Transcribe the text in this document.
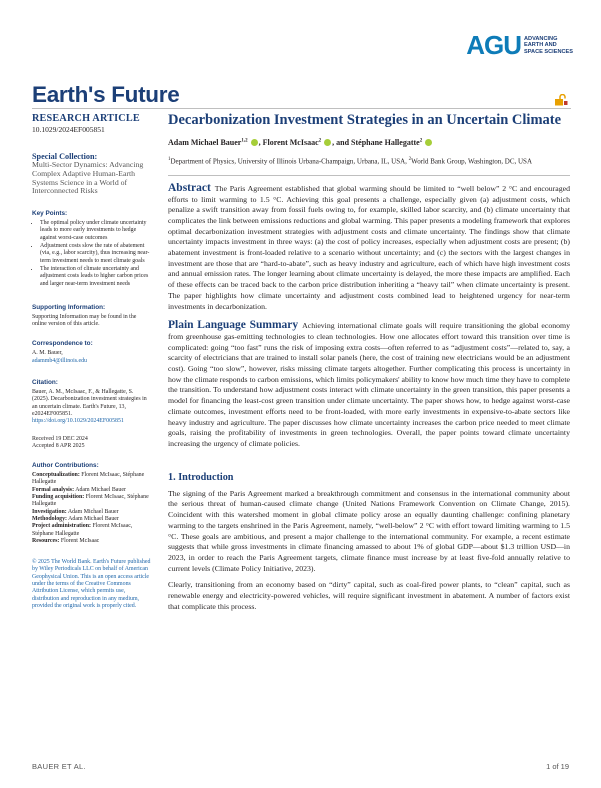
AGU ADVANCING
EARTH AND
SPACE SCIENCES
Earth's Future
RESEARCH ARTICLE
10.1029/2024EF005851
Special Collection:
Multi-Sector Dynamics: Advancing Complex Adaptive Human-Earth Systems Science in a World of Interconnected Risks
Key Points:
• The optimal policy under climate uncertainty leads to more early investments to hedge against worst-case outcomes
• Adjustment costs slow the rate of abatement (via, e.g., labor scarcity), thus increasing near-term investment needs to meet climate goals
• The interaction of climate uncertainty and adjustment costs leads to higher carbon prices and larger near-term investment needs
Supporting Information:
Supporting Information may be found in the online version of this article.
Correspondence to:
A. M. Bauer,
adammb4@illinois.edu
Citation:
Bauer, A. M., McIsaac, F., & Hallegatte, S. (2025). Decarbonization investment strategies in an uncertain climate. Earth's Future, 13, e2024EF005851.
https://doi.org/10.1029/2024EF005851
Received 19 DEC 2024
Accepted 8 APR 2025
Author Contributions:
Conceptualization: Florent McIsaac, Stéphane Hallegatte
Formal analysis: Adam Michael Bauer
Funding acquisition: Florent McIsaac, Stéphane Hallegatte
Investigation: Adam Michael Bauer
Methodology: Adam Michael Bauer
Project administration: Florent McIsaac, Stéphane Hallegatte
Resources: Florent McIsaac
© 2025 The World Bank. Earth's Future published by Wiley Periodicals LLC on behalf of American Geophysical Union. This is an open access article under the terms of the Creative Commons Attribution License, which permits use, distribution and reproduction in any medium, provided the original work is properly cited.
Decarbonization Investment Strategies in an Uncertain Climate
Adam Michael Bauer$^{1,2}$ , Florent McIsaac$^2$ , and Stéphane Hallegatte$^2$
$^1$Department of Physics, University of Illinois Urbana-Champaign, Urbana, IL, USA, $^2$World Bank Group, Washington, DC, USA
Abstract The Paris Agreement established that global warming should be limited to “well below” 2 °C and encouraged efforts to limit warming to 1.5 °C. Achieving this goal presents a challenge, especially given (a) adjustment costs, which penalize a swift transition away from fossil fuels owing to, for example, skilled labor scarcity, and (b) climate uncertainty that complicates the link between emissions reductions and global warming. This paper presents a modeling framework that explores optimal decarbonization investment strategies with adjustment costs and climate uncertainty. The findings show that climate uncertainty impacts investment in three ways: (a) the cost of policy increases, especially when adjustment costs are present; (b) abatement investment is front-loaded relative to a scenario without uncertainty; and (c) the sectors with the largest changes in investment are those that are “hard-to-abate”, such as heavy industry and agriculture, each of which have high investment costs and annual emission rates. The longer learning about climate uncertainty is delayed, the more these impacts are amplified. Each of these effects can be traced back to the carbon price distribution inheriting a “heavy tail” when climate uncertainty is present. The paper highlights how climate uncertainty and adjustment costs combined lead to heightened urgency for near-term investments in decarbonization.
Plain Language Summary Achieving international climate goals will require transitioning the global economy from greenhouse gas-emitting technologies to clean technologies. How one allocates effort toward this transition over time is complicated: going “too fast” runs the risk of imposing extra costs—often referred to as “adjustment costs”—related to, say, a scarcity of electricians that are trained to install solar panels (here, the cost of training new electricians would be an adjustment cost). Going “too slow”, however, risks missing climate targets altogether. Further complicating this process is uncertainty in how the climate responds to carbon emissions, which limits policymakers' ability to know how much time they have to complete the transition. To understand how adjustment costs interact with climate uncertainty in the green transition, this paper presents a model for financing the least-cost green transition under climate uncertainty. The paper shows how, to hedge against worst-case climate outcomes, investment efforts need to be front-loaded, with more early investments in expensive-to-abate sectors like heavy industry and agriculture. The paper discusses how climate uncertainty increases the carbon price needed to meet climate goals, raising the profitability of investments in green technologies. Overall, the paper points toward climate uncertainty increasing the urgency of climate policies.
1. Introduction
The signing of the Paris Agreement marked a breakthrough commitment and consensus in the international community about the serious threat of human-caused climate change (United Nations Framework Convention on Climate Change, 2015). Coincident with this watershed moment in global climate policy arose an equally daunting challenge: confining planetary warming to the targets enshrined in the Paris Agreement, namely, “well-below” 2 °C with effort toward limiting warming to 1.5 °C. These goals are ambitious, and present a major challenge to the international community. For example, a recent estimate suggests that while gross investments in climate financing amassed to about 1% of global GDP—about $1.3 trillion USD—in 2023, in order to reach the Paris Agreement targets, climate finance must increase by at least five-fold annually relative to current levels (Climate Policy Initiative, 2023).
Clearly, transitioning from an economy based on “dirty” capital, such as coal-fired power plants, to “clean” capital, such as renewable energy and electricity-powered vehicles, will require significant investment in abatement. A number of factors exist that complicate this process.
BAUER ET AL.	1 of 19
